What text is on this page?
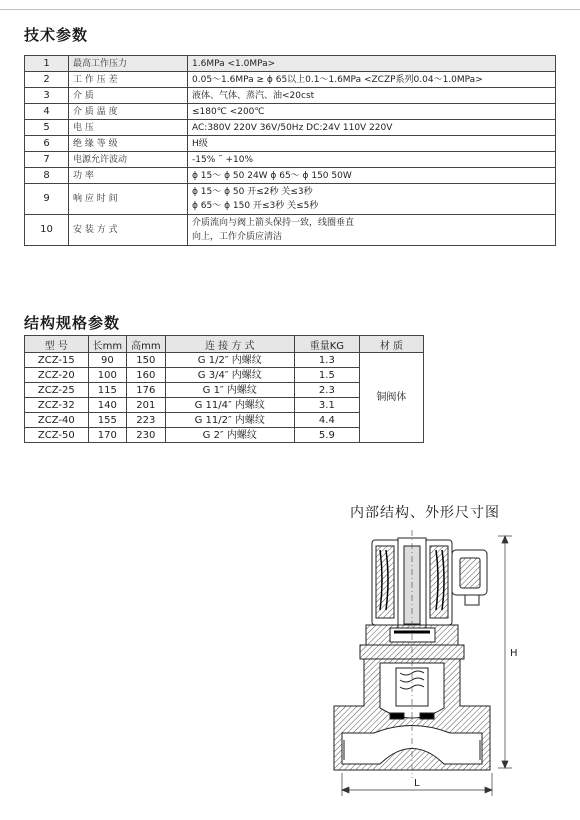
技术参数
1	最高工作压力	1.6MPa <1.0MPa>
2	工 作 压 差	0.05～1.6MPa ≥ ϕ 65以上0.1～1.6MPa <ZCZP系列0.04～1.0MPa>
3	介 质	液体、气体、蒸汽、油<20cst
4	介 质 温 度	≤180℃ <200℃
5	电 压	AC:380V 220V 36V/50Hz DC:24V 110V 220V
6	绝 缘 等 级	H级
7	电源允许波动	-15% ˜ +10%
8	功 率	ϕ 15～ ϕ 50 24W ϕ 65～ ϕ 150 50W
9	响 应 时 间	ϕ 15～ ϕ 50 开≤2秒 关≤3秒
ϕ 65～ ϕ 150 开≤3秒 关≤5秒

10	安 装 方 式	介质流向与阀上箭头保持一致，线圈垂直
向上，工作介质应清洁
结构规格参数
型 号	长mm	高mm	连 接 方 式	重量KG	材 质
ZCZ-15	90	150	G 1/2″ 内螺纹	1.3	铜阀体
ZCZ-20	100	160	G 3/4″ 内螺纹	1.5	
ZCZ-25	115	176	G 1″ 内螺纹	2.3	
ZCZ-32	140	201	G 11/4″ 内螺纹	3.1	
ZCZ-40	155	223	G 11/2″ 内螺纹	4.4	
ZCZ-50	170	230	G 2″ 内螺纹	5.9	
内部结构、外形尺寸图
H
L
